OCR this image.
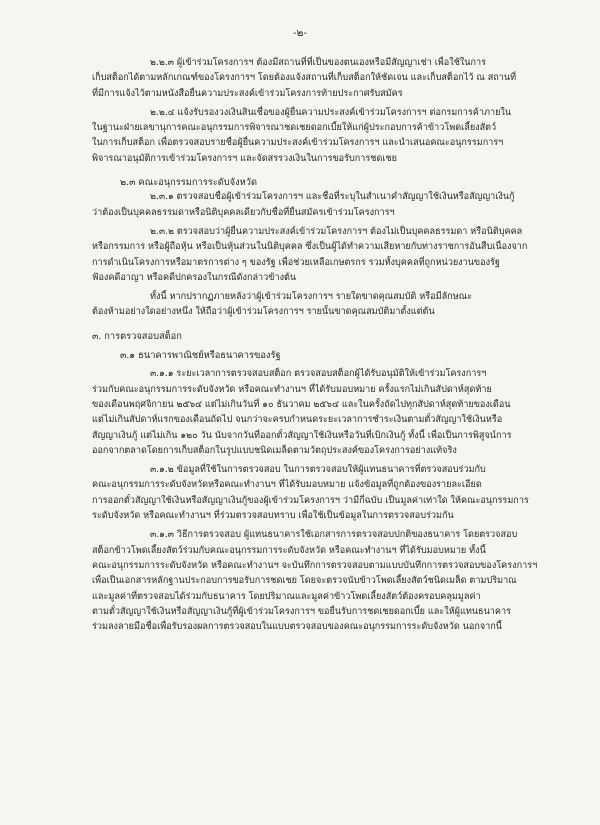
-๒-
๒.๒.๓ ผู้เข้าร่วมโครงการฯ ต้องมีสถานที่ที่เป็นของตนเองหรือมีสัญญาเช่า เพื่อใช้ในการ
เก็บสต็อกได้ตามหลักเกณฑ์ของโครงการฯ โดยต้องแจ้งสถานที่เก็บสต็อกให้ชัดเจน และเก็บสต็อกไว้ ณ สถานที่
ที่มีการแจ้งไว้ตามหนังสือยื่นความประสงค์เข้าร่วมโครงการท้ายประกาศรับสมัคร
๒.๒.๔ แจ้งรับรองวงเงินสินเชื่อของผู้ยื่นความประสงค์เข้าร่วมโครงการฯ ต่อกรมการค้าภายใน
ในฐานะฝ่ายเลขานุการคณะอนุกรรมการพิจารณาชดเชยดอกเบี้ยให้แก่ผู้ประกอบการค้าข้าวโพดเลี้ยงสัตว์
ในการเก็บสต็อก เพื่อตรวจสอบรายชื่อผู้ยื่นความประสงค์เข้าร่วมโครงการฯ และนำเสนอคณะอนุกรรมการฯ
พิจารณาอนุมัติการเข้าร่วมโครงการฯ และจัดสรรวงเงินในการขอรับการชดเชย
๒.๓ คณะอนุกรรมการระดับจังหวัด
๒.๓.๑ ตรวจสอบชื่อผู้เข้าร่วมโครงการฯ และชื่อที่ระบุในสำเนาคำสัญญาใช้เงินหรือสัญญาเงินกู้
ว่าต้องเป็นบุคคลธรรมดาหรือนิติบุคคลเดียวกับชื่อที่ยื่นสมัครเข้าร่วมโครงการฯ
๒.๓.๒ ตรวจสอบว่าผู้ยื่นความประสงค์เข้าร่วมโครงการฯ ต้องไม่เป็นบุคคลธรรมดา หรือนิติบุคคล
หรือกรรมการ หรือผู้ถือหุ้น หรือเป็นหุ้นส่วนในนิติบุคคล ซึ่งเป็นผู้ได้ทำความเสียหายกับทางราชการอันสืบเนื่องจาก
การดำเนินโครงการหรือมาตรการต่าง ๆ ของรัฐ เพื่อช่วยเหลือเกษตรกร รวมทั้งบุคคลที่ถูกหน่วยงานของรัฐ
ฟ้องคดีอาญา หรือคดีปกครองในกรณีดังกล่าวข้างต้น
ทั้งนี้ หากปรากฏภายหลังว่าผู้เข้าร่วมโครงการฯ รายใดขาดคุณสมบัติ หรือมีลักษณะ
ต้องห้ามอย่างใดอย่างหนึ่ง ให้ถือว่าผู้เข้าร่วมโครงการฯ รายนั้นขาดคุณสมบัติมาตั้งแต่ต้น
๓. การตรวจสอบสต็อก
๓.๑ ธนาคารพาณิชย์หรือธนาคารของรัฐ
๓.๑.๑ ระยะเวลาการตรวจสอบสต็อก ตรวจสอบสต็อกผู้ได้รับอนุมัติให้เข้าร่วมโครงการฯ
ร่วมกับคณะอนุกรรมการระดับจังหวัด หรือคณะทำงานฯ ที่ได้รับมอบหมาย ครั้งแรกไม่เกินสัปดาห์สุดท้าย
ของเดือนพฤศจิกายน ๒๕๖๔ แต่ไม่เกินวันที่ ๑๐ ธันวาคม ๒๕๖๔ และในครั้งถัดไปทุกสัปดาห์สุดท้ายของเดือน
แต่ไม่เกินสัปดาห์แรกของเดือนถัดไป จนกว่าจะครบกำหนดระยะเวลาการชำระเงินตามตั๋วสัญญาใช้เงินหรือ
สัญญาเงินกู้ แต่ไม่เกิน ๑๒๐ วัน นับจากวันที่ออกตั๋วสัญญาใช้เงินหรือวันที่เบิกเงินกู้ ทั้งนี้ เพื่อเป็นการพิสูจน์การ
ออกจากตลาดโดยการเก็บสต็อกในรูปแบบชนิดเมล็ดตามวัตถุประสงค์ของโครงการอย่างแท้จริง
๓.๑.๒ ข้อมูลที่ใช้ในการตรวจสอบ ในการตรวจสอบให้ผู้แทนธนาคารที่ตรวจสอบร่วมกับ
คณะอนุกรรมการระดับจังหวัดหรือคณะทำงานฯ ที่ได้รับมอบหมาย แจ้งข้อมูลที่ถูกต้องของรายละเอียด
การออกตั๋วสัญญาใช้เงินหรือสัญญาเงินกู้ของผู้เข้าร่วมโครงการฯ ว่ามีกี่ฉบับ เป็นมูลค่าเท่าใด ให้คณะอนุกรรมการ
ระดับจังหวัด หรือคณะทำงานฯ ที่ร่วมตรวจสอบทราบ เพื่อใช้เป็นข้อมูลในการตรวจสอบร่วมกัน
๓.๑.๓ วิธีการตรวจสอบ ผู้แทนธนาคารใช้เอกสารการตรวจสอบปกติของธนาคาร โดยตรวจสอบ
สต็อกข้าวโพดเลี้ยงสัตว์ร่วมกับคณะอนุกรรมการระดับจังหวัด หรือคณะทำงานฯ ที่ได้รับมอบหมาย ทั้งนี้
คณะอนุกรรมการระดับจังหวัด หรือคณะทำงานฯ จะบันทึกการตรวจสอบตามแบบบันทึกการตรวจสอบของโครงการฯ
เพื่อเป็นเอกสารหลักฐานประกอบการขอรับการชดเชย โดยจะตรวจนับข้าวโพดเลี้ยงสัตว์ชนิดเมล็ด ตามปริมาณ
และมูลค่าที่ตรวจสอบได้ร่วมกับธนาคาร โดยปริมาณและมูลค่าข้าวโพดเลี้ยงสัตว์ต้องครอบคลุมมูลค่า
ตามตั๋วสัญญาใช้เงินหรือสัญญาเงินกู้ที่ผู้เข้าร่วมโครงการฯ ขอยื่นรับการชดเชยดอกเบี้ย และให้ผู้แทนธนาคาร
ร่วมลงลายมือชื่อเพื่อรับรองผลการตรวจสอบในแบบตรวจสอบของคณะอนุกรรมการระดับจังหวัด นอกจากนี้
